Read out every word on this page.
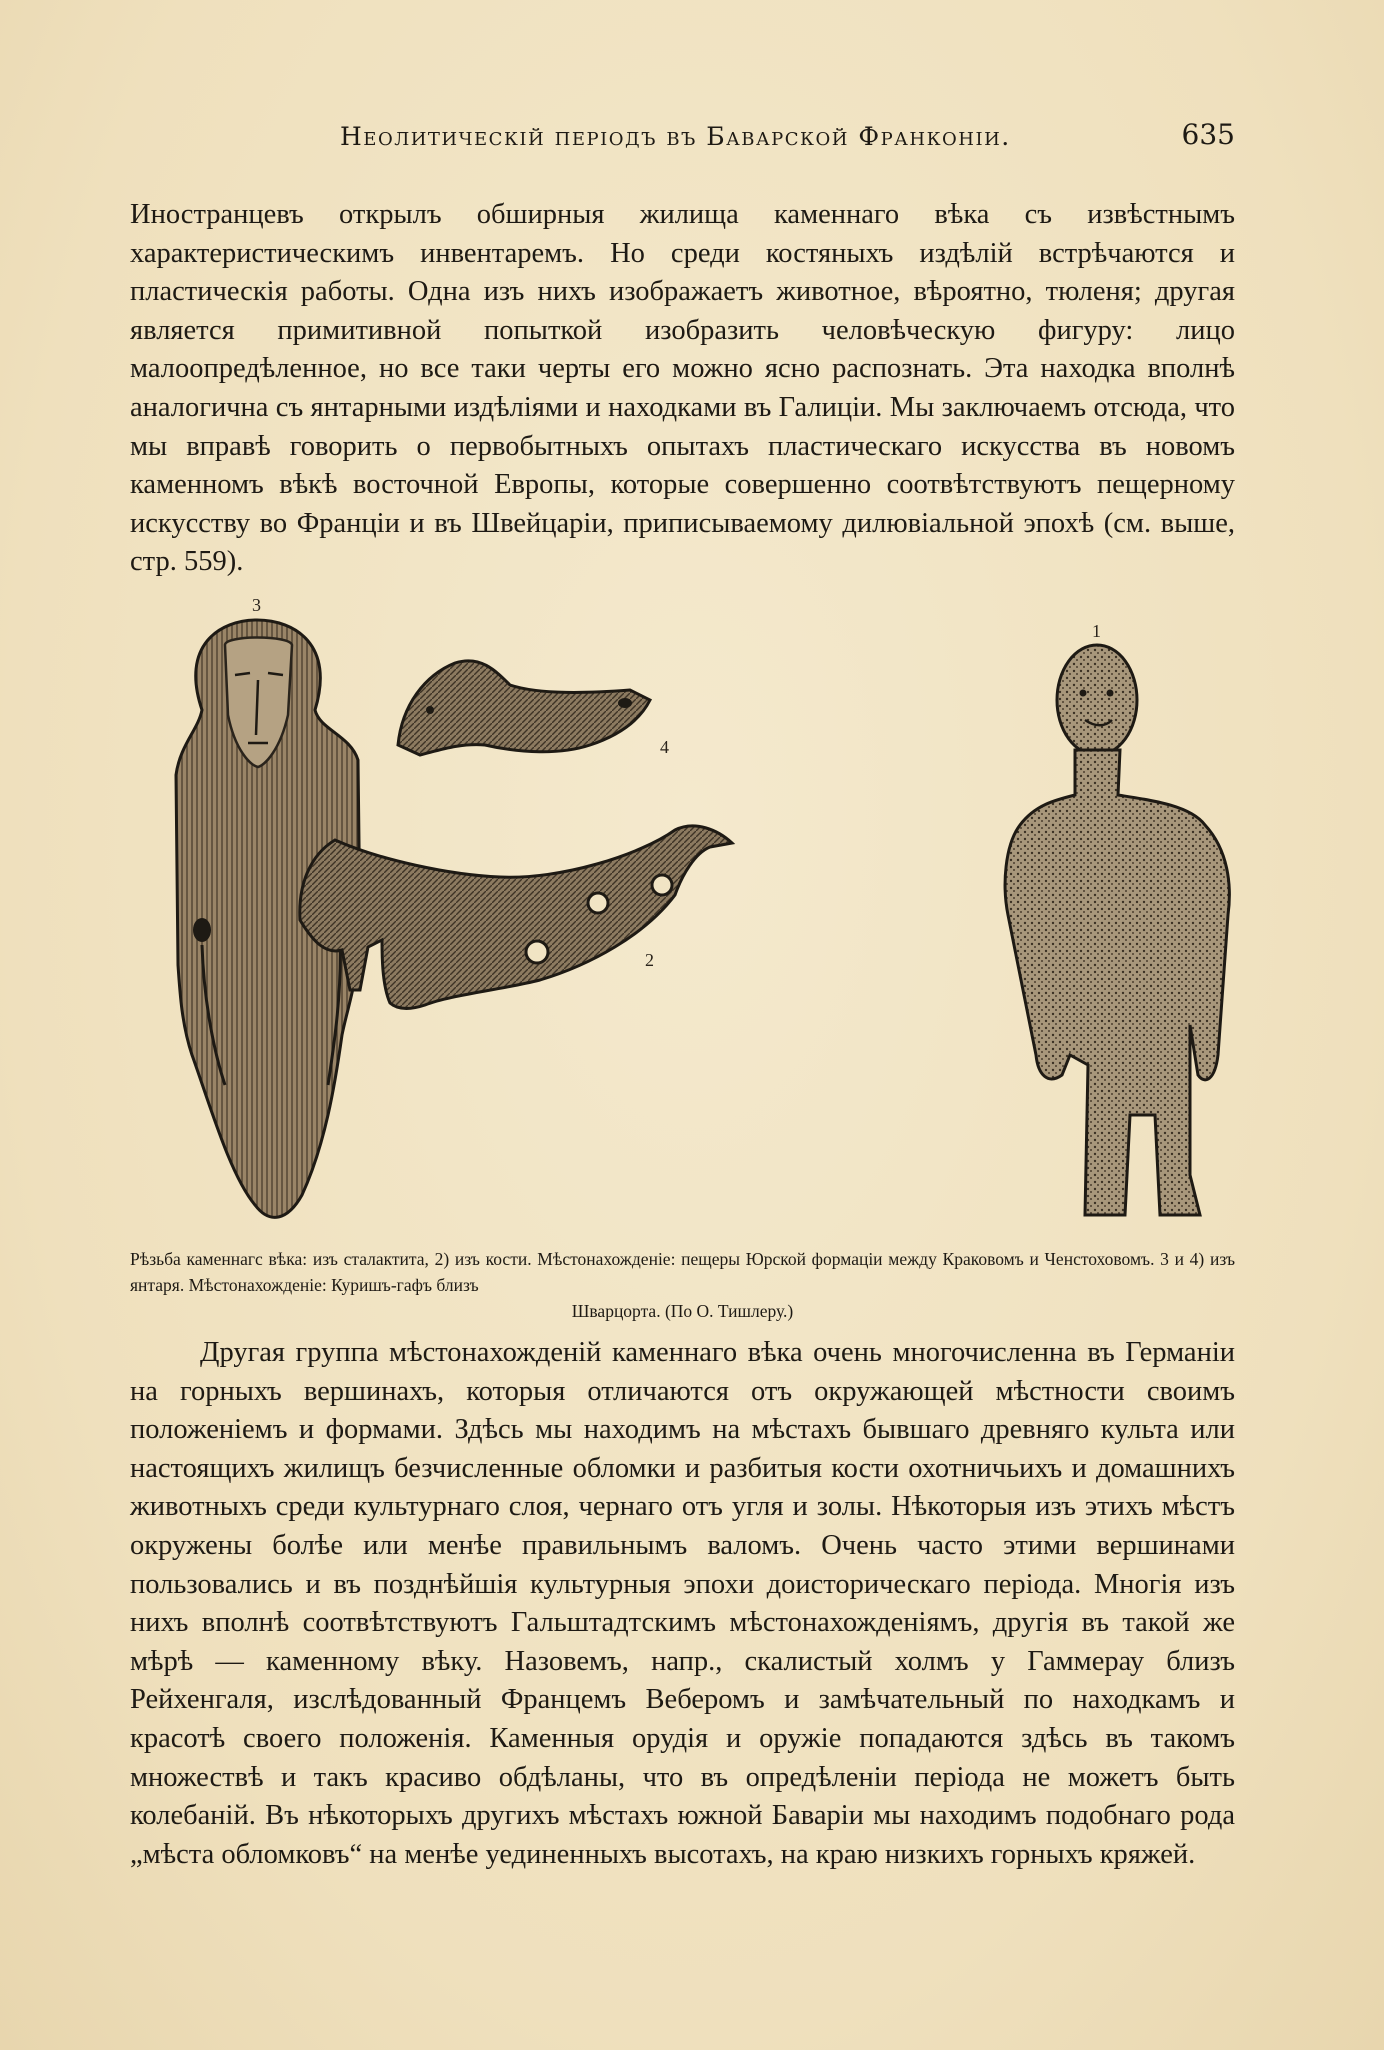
Неолитическій періодъ въ Баварской Франконіи.	635

Иностранцевъ открылъ обширныя жилища каменнаго вѣка съ извѣстнымъ характеристическимъ инвентаремъ. Но среди костяныхъ издѣлій встрѣчаются и пластическія работы. Одна изъ нихъ изображаетъ животное, вѣроятно, тюленя; другая является примитивной попыткой изобразить человѣческую фигуру: лицо малоопредѣленное, но все таки черты его можно ясно распознать. Эта находка вполнѣ аналогична съ янтарными издѣліями и находками въ Галиціи. Мы заключаемъ отсюда, что мы вправѣ говорить о первобытныхъ опытахъ пластическаго искусства въ новомъ каменномъ вѣкѣ восточной Европы, которые совершенно соотвѣтствуютъ пещерному искусству во Франціи и въ Швейцаріи, приписываемому дилювіальной эпохѣ (см. выше, стр. 559).

3
4
1
2
Рѣзьба каменнагс вѣка: изъ сталактита, 2) изъ кости. Мѣстонахожденіе: пещеры Юрской формаціи между Краковомъ и Ченстоховомъ. 3 и 4) изъ янтаря. Мѣстонахожденіе: Куришъ-гафъ близъ
Шварцорта. (По О. Тишлеру.)

Другая группа мѣстонахожденій каменнаго вѣка очень многочисленна въ Германіи на горныхъ вершинахъ, которыя отличаются отъ окружающей мѣстности своимъ положеніемъ и формами. Здѣсь мы находимъ на мѣстахъ бывшаго древняго культа или настоящихъ жилищъ безчисленные обломки и разбитыя кости охотничьихъ и домашнихъ животныхъ среди культурнаго слоя, чернаго отъ угля и золы. Нѣкоторыя изъ этихъ мѣстъ окружены болѣе или менѣе правильнымъ валомъ. Очень часто этими вершинами пользовались и въ позднѣйшія культурныя эпохи доисторическаго періода. Многія изъ нихъ вполнѣ соотвѣтствуютъ Гальштадтскимъ мѣстонахожденіямъ, другія въ такой же мѣрѣ — каменному вѣку. Назовемъ, напр., скалистый холмъ у Гаммерау близъ Рейхенгаля, изслѣдованный Францемъ Веберомъ и замѣчательный по находкамъ и красотѣ своего положенія. Каменныя орудія и оружіе попадаются здѣсь въ такомъ множествѣ и такъ красиво обдѣланы, что въ опредѣленіи періода не можетъ быть колебаній. Въ нѣкоторыхъ другихъ мѣстахъ южной Баваріи мы находимъ подобнаго рода „мѣста обломковъ“ на менѣе уединенныхъ высотахъ, на краю низкихъ горныхъ кряжей.
